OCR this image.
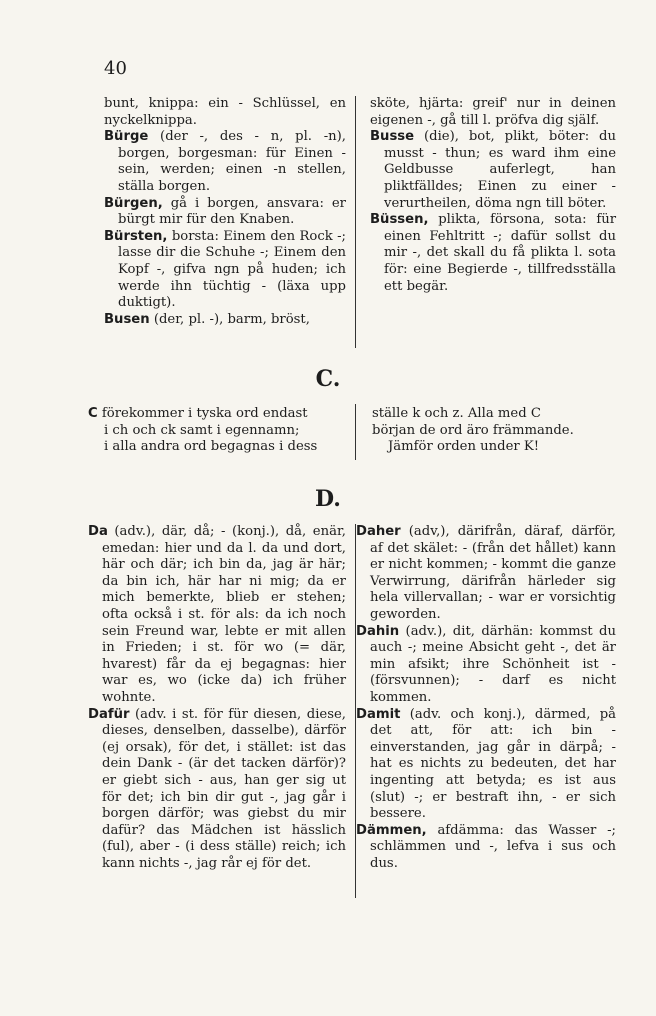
40

bunt, knippa: ein - Schlüssel, en nyckelknippa.

Bürge (der -, des - n, pl. -n), borgen, borgesman: für Einen - sein, werden; einen -n stellen, ställa borgen.

Bürgen, gå i borgen, ansvara: er bürgt mir für den Knaben.

Bürsten, borsta: Einem den Rock -; lasse dir die Schuhe -; Einem den Kopf -, gifva ngn på huden; ich werde ihn tüchtig - (läxa upp duktigt).

Busen (der, pl. -), barm, bröst,

sköte, hjärta: greif' nur in deinen eigenen -, gå till l. pröfva dig själf.

Busse (die), bot, plikt, böter: du musst - thun; es ward ihm eine Geldbusse auferlegt, han pliktfälldes; Einen zu einer - verurtheilen, döma ngn till böter.

Büssen, plikta, försona, sota: für einen Fehltritt -; dafür sollst du mir -, det skall du få plikta l. sota för: eine Begierde -, tillfredsställa ett begär.

C.

C förekommer i tyska ord endast

i ch och ck samt i egennamn;

i alla andra ord begagnas i dess

ställe k och z. Alla med C

början de ord äro främmande.

Jämför orden under K!

D.

Da (adv.), där, då; - (konj.), då, enär, emedan: hier und da l. da und dort, här och där; ich bin da, jag är här; da bin ich, här har ni mig; da er mich bemerkte, blieb er stehen; ofta också i st. för als: da ich noch sein Freund war, lebte er mit allen in Frieden; i st. för wo (= där, hvarest) får da ej begagnas: hier war es, wo (icke da) ich früher wohnte.

Dafür (adv. i st. för für diesen, diese, dieses, denselben, dasselbe), därför (ej orsak), för det, i stället: ist das dein Dank - (är det tacken därför)? er giebt sich - aus, han ger sig ut för det; ich bin dir gut -, jag går i borgen därför; was giebst du mir dafür? das Mädchen ist hässlich (ful), aber - (i dess ställe) reich; ich kann nichts -, jag rår ej för det.

Daher (adv,), därifrån, däraf, därför, af det skälet: - (från det hållet) kann er nicht kommen; - kommt die ganze Verwirrung, därifrån härleder sig hela villervallan; - war er vorsichtig geworden.

Dahin (adv.), dit, därhän: kommst du auch -; meine Absicht geht -, det är min afsikt; ihre Schönheit ist - (försvunnen); - darf es nicht kommen.

Damit (adv. och konj.), därmed, på det att, för att: ich bin - einverstanden, jag går in därpå; - hat es nichts zu bedeuten, det har ingenting att betyda; es ist aus (slut) -; er bestraft ihn, - er sich bessere.

Dämmen, afdämma: das Wasser -; schlämmen und -, lefva i sus och dus.
